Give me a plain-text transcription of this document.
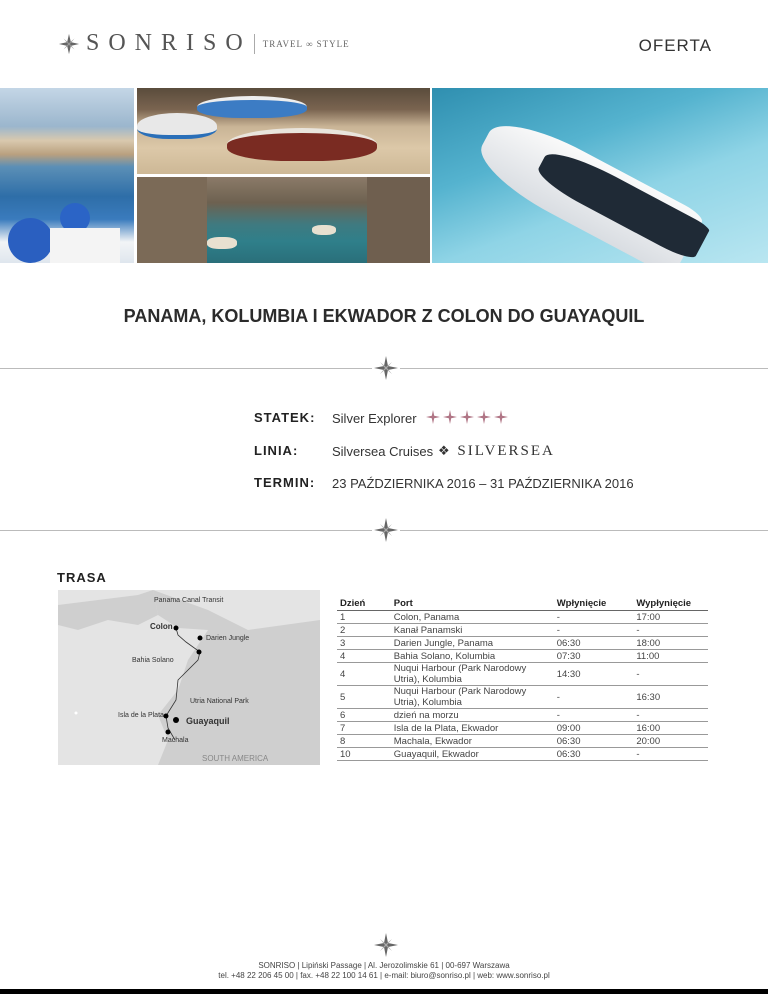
SONRISO TRAVEL ∞ STYLE	OFERTA
PANAMA, KOLUMBIA I EKWADOR Z COLON DO GUAYAQUIL
STATEK: Silver Explorer
LINIA:	Silversea Cruises ❖ SILVERSEA
TERMIN: 23 PAŹDZIERNIKA 2016 – 31 PAŹDZIERNIKA 2016
TRASA
Panama Canal Transit
Colon
Darien Jungle
Bahia Solano
Utria National Park
Isla de la Plata
Guayaquil
Machala
SOUTH AMERICA
Dzień	Port	Wpłynięcie	Wypłynięcie
1	Colon, Panama	-	17:00
2	Kanał Panamski	-	-
3	Darien Jungle, Panama	06:30	18:00
4	Bahia Solano, Kolumbia	07:30	11:00
4	Nuqui Harbour (Park Narodowy Utria), Kolumbia	14:30	-
5	Nuqui Harbour (Park Narodowy Utria), Kolumbia	-	16:30
6	dzień na morzu	-	-
7	Isla de la Plata, Ekwador	09:00	16:00
8	Machala, Ekwador	06:30	20:00
10	Guayaquil, Ekwador	06:30	-
SONRISO | Lipiński Passage | Al. Jerozolimskie 61 | 00-697 Warszawa
tel. +48 22 206 45 00 | fax. +48 22 100 14 61 | e-mail: biuro@sonriso.pl | web: www.sonriso.pl
